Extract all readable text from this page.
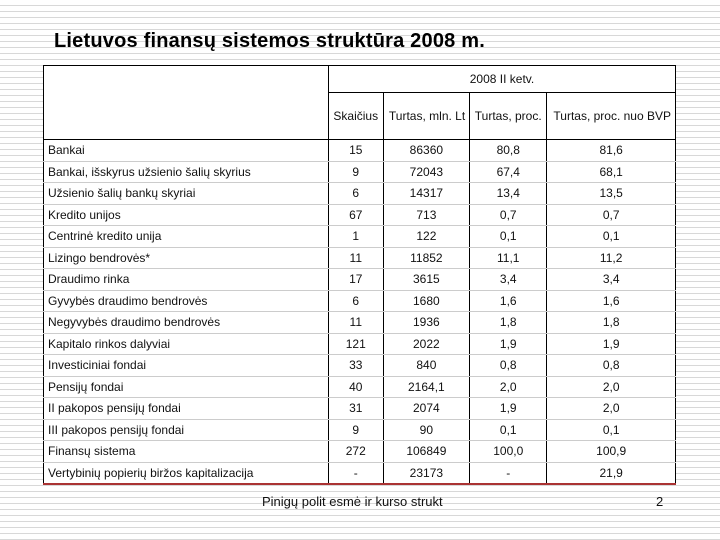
Lietuvos finansų sistemos struktūra 2008 m.
	2008 II ketv.			
	Skaičius	Turtas, mln. Lt	Turtas, proc.	Turtas, proc. nuo BVP
Bankai	15	86360	80,8	81,6
Bankai, išskyrus užsienio šalių skyrius	9	72043	67,4	68,1
Užsienio šalių bankų skyriai	6	14317	13,4	13,5
Kredito unijos	67	713	0,7	0,7
Centrinė kredito unija	1	122	0,1	0,1
Lizingo bendrovės*	11	11852	11,1	11,2
Draudimo rinka	17	3615	3,4	3,4
Gyvybės draudimo bendrovės	6	1680	1,6	1,6
Negyvybės draudimo bendrovės	11	1936	1,8	1,8
Kapitalo rinkos dalyviai	121	2022	1,9	1,9
Investiciniai fondai	33	840	0,8	0,8
Pensijų fondai	40	2164,1	2,0	2,0
II pakopos pensijų fondai	31	2074	1,9	2,0
III pakopos pensijų fondai	9	90	0,1	0,1
Finansų sistema	272	106849	100,0	100,9
Vertybinių popierių biržos kapitalizacija	-	23173	-	21,9
Pinigų polit esmė ir kurso strukt	2
